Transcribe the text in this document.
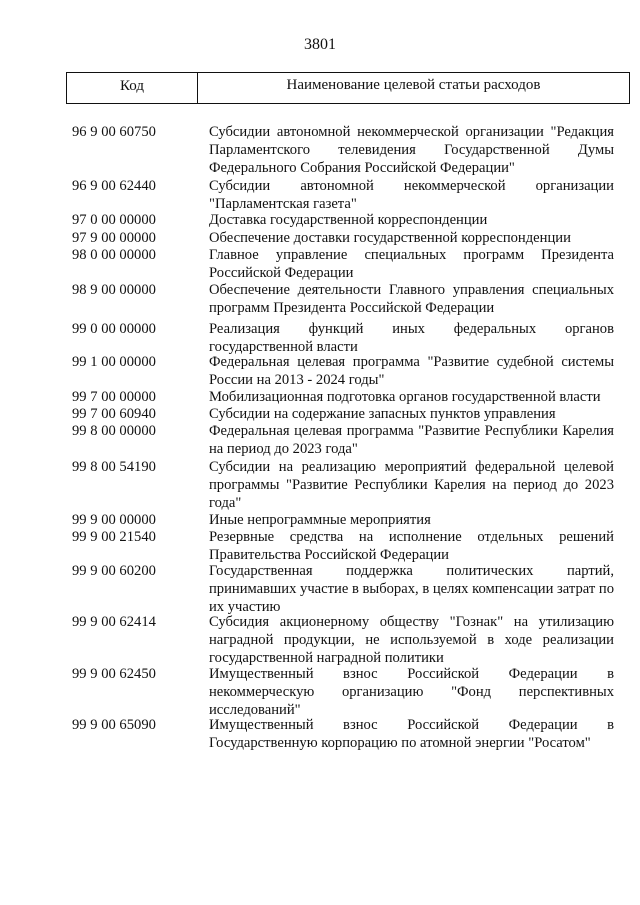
3801
Код	Наименование целевой статьи расходов
96 9 00 60750	Субсидии автономной некоммерческой организации "Редакция Парламентского телевидения Государственной Думы Федерального Собрания Российской Федерации"
96 9 00 62440	Субсидии автономной некоммерческой организации "Парламентская газета"
97 0 00 00000	Доставка государственной корреспонденции
97 9 00 00000	Обеспечение доставки государственной корреспонденции
98 0 00 00000	Главное управление специальных программ Президента Российской Федерации
98 9 00 00000	Обеспечение деятельности Главного управления специальных программ Президента Российской Федерации
99 0 00 00000	Реализация функций иных федеральных органов государственной власти
99 1 00 00000	Федеральная целевая программа "Развитие судебной системы России на 2013 - 2024 годы"
99 7 00 00000	Мобилизационная подготовка органов государственной власти
99 7 00 60940	Субсидии на содержание запасных пунктов управления
99 8 00 00000	Федеральная целевая программа "Развитие Республики Карелия на период до 2023 года"
99 8 00 54190	Субсидии на реализацию мероприятий федеральной целевой программы "Развитие Республики Карелия на период до 2023 года"
99 9 00 00000	Иные непрограммные мероприятия
99 9 00 21540	Резервные средства на исполнение отдельных решений Правительства Российской Федерации
99 9 00 60200	Государственная поддержка политических партий, принимавших участие в выборах, в целях компенсации затрат по их участию
99 9 00 62414	Субсидия акционерному обществу "Гознак" на утилизацию наградной продукции, не используемой в ходе реализации государственной наградной политики
99 9 00 62450	Имущественный взнос Российской Федерации в некоммерческую организацию "Фонд перспективных исследований"
99 9 00 65090	Имущественный взнос Российской Федерации в Государственную корпорацию по атомной энергии "Росатом"
